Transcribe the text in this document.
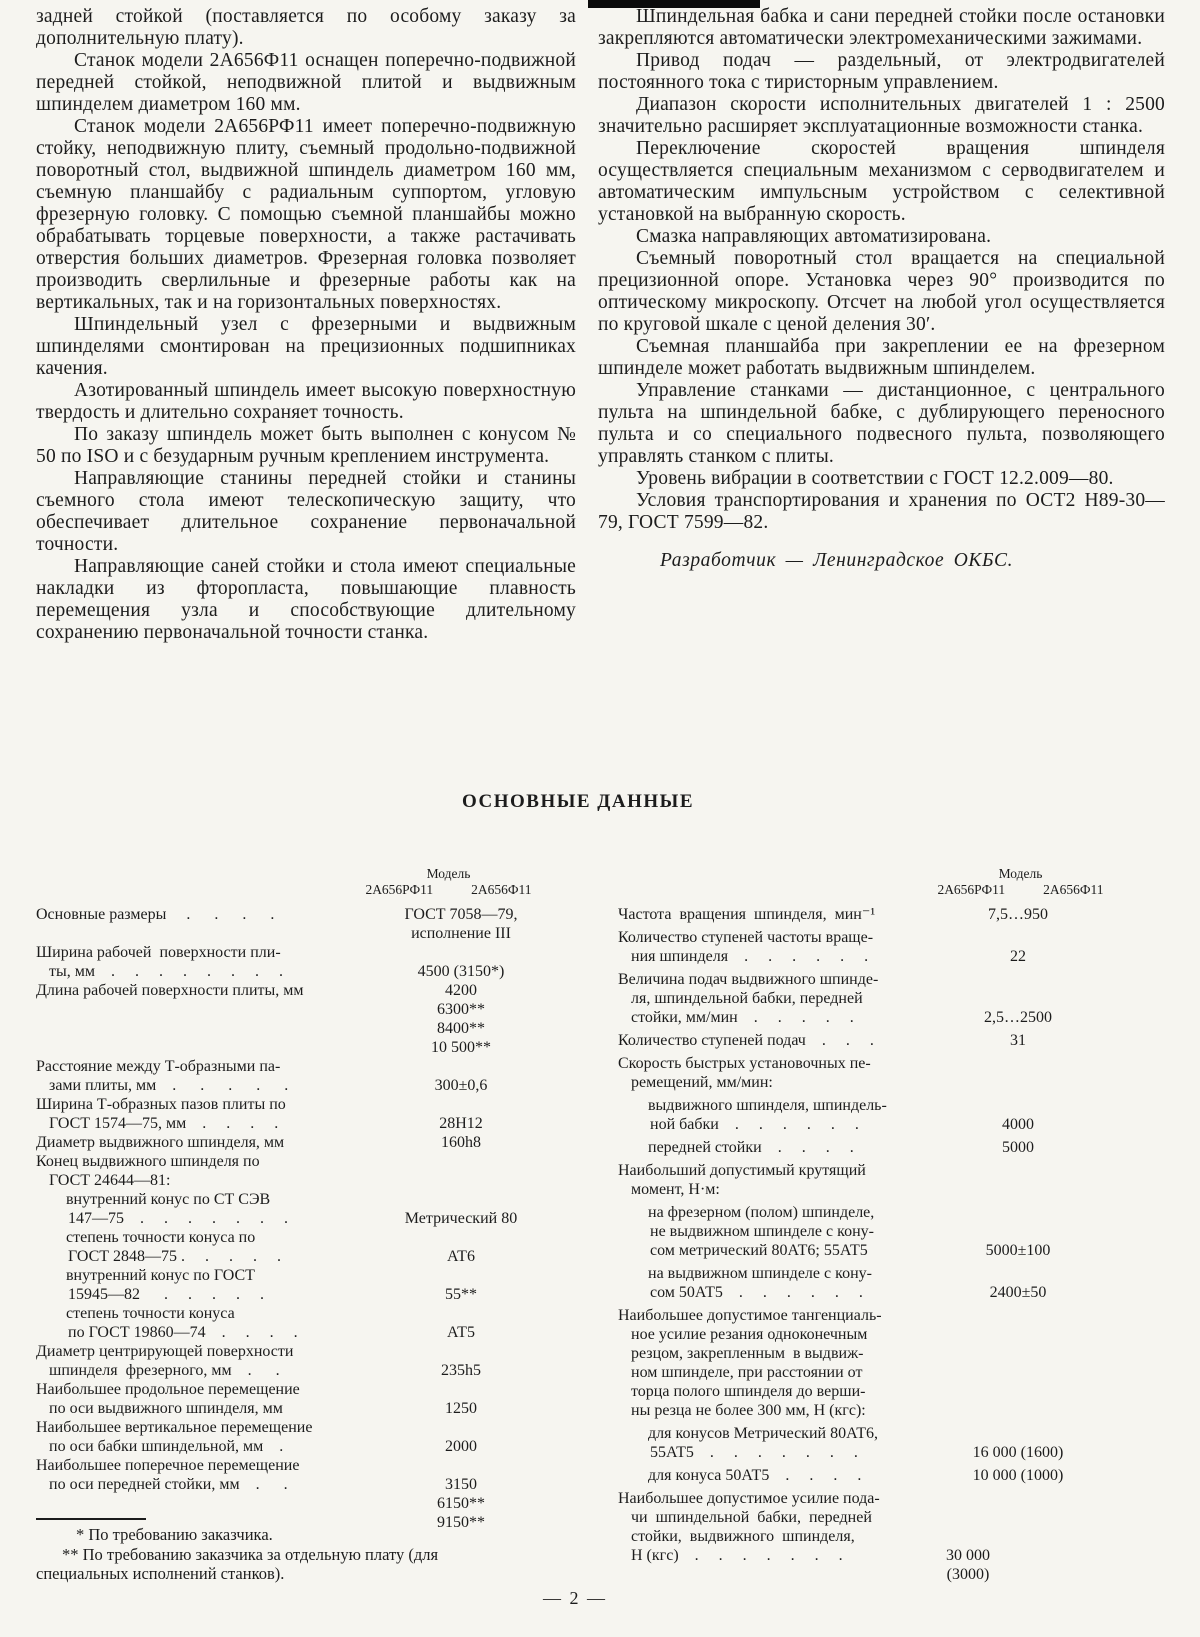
задней стойкой (поставляется по особому заказу за дополнительную плату).

Станок модели 2А656Ф11 оснащен поперечно-подвижной передней стойкой, неподвижной плитой и выдвижным шпинделем диаметром 160 мм.

Станок модели 2А656РФ11 имеет поперечно-подвижную стойку, неподвижную плиту, съемный продольно-подвижной поворотный стол, выдвижной шпиндель диаметром 160 мм, съемную планшайбу с радиальным суппортом, угловую фрезерную головку. С помощью съемной планшайбы можно обрабатывать торцевые поверхности, а также растачивать отверстия больших диаметров. Фрезерная головка позволяет производить сверлильные и фрезерные работы как на вертикальных, так и на горизонтальных поверхностях.

Шпиндельный узел с фрезерными и выдвижным шпинделями смонтирован на прецизионных подшипниках качения.

Азотированный шпиндель имеет высокую поверхностную твердость и длительно сохраняет точность.

По заказу шпиндель может быть выполнен с конусом № 50 по ISO и с безударным ручным креплением инструмента.

Направляющие станины передней стойки и станины съемного стола имеют телескопическую защиту, что обеспечивает длительное сохранение первоначальной точности.

Направляющие саней стойки и стола имеют специальные накладки из фторопласта, повышающие плавность перемещения узла и способствующие длительному сохранению первоначальной точности станка.

Шпиндельная бабка и сани передней стойки после остановки закрепляются автоматически электромеханическими зажимами.

Привод подач — раздельный, от электродвигателей постоянного тока с тиристорным управлением.

Диапазон скорости исполнительных двигателей 1 : 2500 значительно расширяет эксплуатационные возможности станка.

Переключение скоростей вращения шпинделя осуществляется специальным механизмом с серводвигателем и автоматическим импульсным устройством с селективной установкой на выбранную скорость.

Смазка направляющих автоматизирована.

Съемный поворотный стол вращается на специальной прецизионной опоре. Установка через 90° производится по оптическому микроскопу. Отсчет на любой угол осуществляется по круговой шкале с ценой деления 30′.

Съемная планшайба при закреплении ее на фрезерном шпинделе может работать выдвижным шпинделем.

Управление станками — дистанционное, с центрального пульта на шпиндельной бабке, с дублирующего переносного пульта и со специального подвесного пульта, позволяющего управлять станком с плиты.

Уровень вибрации в соответствии с ГОСТ 12.2.009—80.

Условия транспортирования и хранения по ОСТ2 Н89-30—79, ГОСТ 7599—82.

Разработчик — Ленинградское ОКБС.

ОСНОВНЫЕ ДАННЫЕ
Модель
2А656РФ11	2А656Ф11
Основные размеры     .      .      .      .	ГОСТ 7058—79,
исполнение III
Ширина рабочей  поверхности пли-
ты, мм    .     .     .     .     .     .     .     .	4500 (3150*)
Длина рабочей поверхности плиты, мм	4200
6300**
8400**
10 500**
Расстояние между Т-образными па-
зами плиты, мм    .      .      .      .      .	300±0,6
Ширина Т-образных пазов плиты по
ГОСТ 1574—75, мм    .     .     .     .	28Н12
Диаметр выдвижного шпинделя, мм	160h8
Конец выдвижного шпинделя по
ГОСТ 24644—81:
внутренний конус по СТ СЭВ
147—75    .     .     .     .     .     .     .	Метрический 80
степень точности конуса по
ГОСТ 2848—75 .     .     .     .     .	АТ6
внутренний конус по ГОСТ
15945—82      .     .     .     .     .	55**
степень точности конуса
по ГОСТ 19860—74    .     .     .     .	АТ5
Диаметр центрирующей поверхности
шпинделя  фрезерного, мм    .      .	235h5
Наибольшее продольное перемещение
по оси выдвижного шпинделя, мм	1250
Наибольшее вертикальное перемещение
по оси бабки шпиндельной, мм    .	2000
Наибольшее поперечное перемещение
по оси передней стойки, мм    .      .	3150
6150**
9150**
Модель
2А656РФ11	2А656Ф11
Частота  вращения  шпинделя,  мин⁻¹	7,5…950
Количество ступеней частоты враще-
ния шпинделя    .     .     .     .     .     .	22
Величина подач выдвижного шпинде-
ля, шпиндельной бабки, передней
стойки, мм/мин    .     .     .     .     .	2,5…2500
Количество ступеней подач    .     .     .	31
Скорость быстрых установочных пе-
ремещений, мм/мин:
выдвижного шпинделя, шпиндель-
ной бабки    .     .     .     .     .     .	4000
передней стойки    .     .     .     .	5000
Наибольший допустимый крутящий
момент, Н·м:
на фрезерном (полом) шпинделе,
не выдвижном шпинделе с кону-
сом метрический 80АТ6; 55АТ5	5000±100
на выдвижном шпинделе с кону-
сом 50АТ5    .     .     .     .     .     .	2400±50
Наибольшее допустимое тангенциаль-
ное усилие резания одноконечным
резцом, закрепленным  в выдвиж-
ном шпинделе, при расстоянии от
торца полого шпинделя до верши-
ны резца не более 300 мм, Н (кгс):
для конусов Метрический 80АТ6,
55АТ5    .     .     .     .     .     .     .	16 000 (1600)
для конуса 50АТ5    .     .     .     .	10 000 (1000)
Наибольшее допустимое усилие пода-
чи  шпиндельной  бабки,  передней
стойки,  выдвижного  шпинделя,
Н (кгс)    .     .     .     .     .     .     .	30 000
(3000)
* По требованию заказчика.
** По требованию заказчика за отдельную плату (для
специальных исполнений станков).
— 2 —
